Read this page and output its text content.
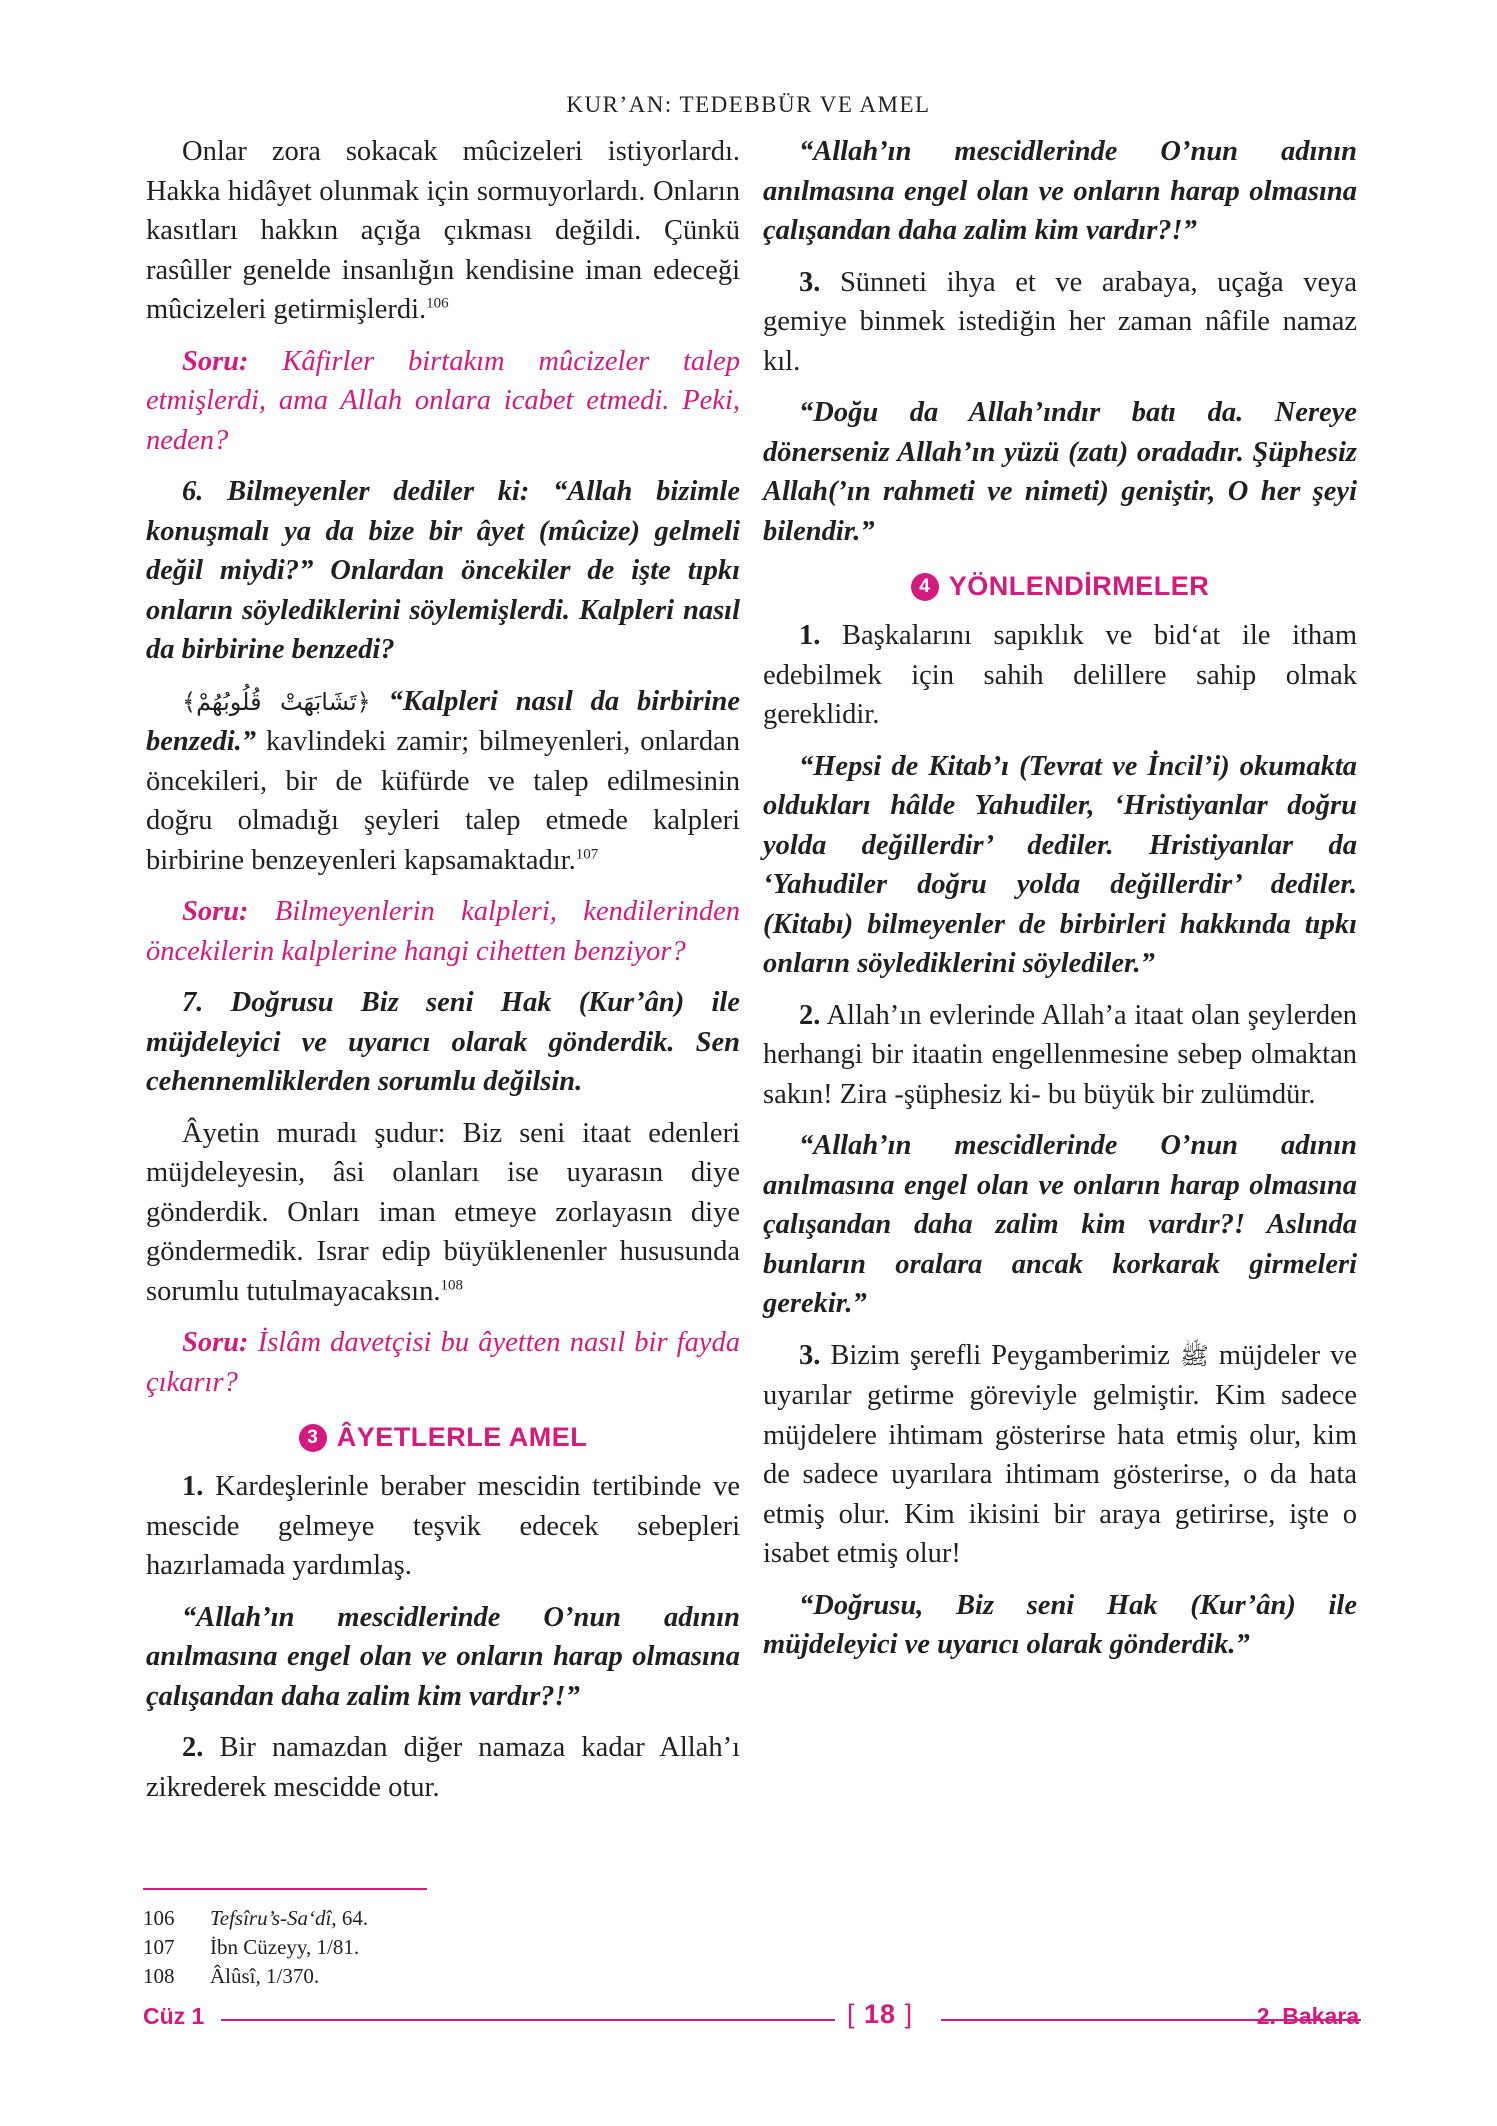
KUR’AN: TEDEBBÜR VE AMEL

Onlar zora sokacak mûcizeleri istiyorlardı. Hakka hidâyet olunmak için sormuyorlardı. Onların kasıtları hakkın açığa çıkması değildi. Çünkü rasûller genelde insanlığın kendisine iman edeceği mûcizeleri getirmişlerdi.$^{106}$

Soru: Kâfirler birtakım mûcizeler talep etmişlerdi, ama Allah onlara icabet etmedi. Peki, neden?

6. Bilmeyenler dediler ki: “Allah bizimle konuşmalı ya da bize bir âyet (mûcize) gelmeli değil miydi?” Onlardan öncekiler de işte tıpkı onların söylediklerini söylemişlerdi. Kalpleri nasıl da birbirine benzedi?

﴿تَشَابَهَتْ قُلُوبُهُمْ﴾ “Kalpleri nasıl da birbirine benzedi.” kavlindeki zamir; bilmeyenleri, onlardan öncekileri, bir de küfürde ve talep edilmesinin doğru olmadığı şeyleri talep etmede kalpleri birbirine benzeyenleri kapsamaktadır.$^{107}$

Soru: Bilmeyenlerin kalpleri, kendilerinden öncekilerin kalplerine hangi cihetten benziyor?

7. Doğrusu Biz seni Hak (Kur’ân) ile müjdeleyici ve uyarıcı olarak gönderdik. Sen cehennemliklerden sorumlu değilsin.

Âyetin muradı şudur: Biz seni itaat edenleri müjdeleyesin, âsi olanları ise uyarasın diye gönderdik. Onları iman etmeye zorlayasın diye göndermedik. Israr edip büyüklenenler hususunda sorumlu tutulmayacaksın.$^{108}$

Soru: İslâm davetçisi bu âyetten nasıl bir fayda çıkarır?

3 ÂYETLERLE AMEL

1. Kardeşlerinle beraber mescidin tertibinde ve mescide gelmeye teşvik edecek sebepleri hazırlamada yardımlaş.

“Allah’ın mescidlerinde O’nun adının anılmasına engel olan ve onların harap olmasına çalışandan daha zalim kim vardır?!”

2. Bir namazdan diğer namaza kadar Allah’ı zikrederek mescidde otur.

“Allah’ın mescidlerinde O’nun adının anılmasına engel olan ve onların harap olmasına çalışandan daha zalim kim vardır?!”

3. Sünneti ihya et ve arabaya, uçağa veya gemiye binmek istediğin her zaman nâfile namaz kıl.

“Doğu da Allah’ındır batı da. Nereye dönerseniz Allah’ın yüzü (zatı) oradadır. Şüphesiz Allah(’ın rahmeti ve nimeti) geniştir, O her şeyi bilendir.”

4 YÖNLENDİRMELER

1. Başkalarını sapıklık ve bid‘at ile itham edebilmek için sahih delillere sahip olmak gereklidir.

“Hepsi de Kitab’ı (Tevrat ve İncil’i) okumakta oldukları hâlde Yahudiler, ‘Hristiyanlar doğru yolda değillerdir’ dediler. Hristiyanlar da ‘Yahudiler doğru yolda değillerdir’ dediler. (Kitabı) bilmeyenler de birbirleri hakkında tıpkı onların söylediklerini söylediler.”

2. Allah’ın evlerinde Allah’a itaat olan şeylerden herhangi bir itaatin engellenmesine sebep olmaktan sakın! Zira -şüphesiz ki- bu büyük bir zulümdür.

“Allah’ın mescidlerinde O’nun adının anılmasına engel olan ve onların harap olmasına çalışandan daha zalim kim vardır?! Aslında bunların oralara ancak korkarak girmeleri gerekir.”

3. Bizim şerefli Peygamberimiz ﷺ müjdeler ve uyarılar getirme göreviyle gelmiştir. Kim sadece müjdelere ihtimam gösterirse hata etmiş olur, kim de sadece uyarılara ihtimam gösterirse, o da hata etmiş olur. Kim ikisini bir araya getirirse, işte o isabet etmiş olur!

“Doğrusu, Biz seni Hak (Kur’ân) ile müjdeleyici ve uyarıcı olarak gönderdik.”

106	Tefsîru’s-Sa‘dî, 64.
107	İbn Cüzeyy, 1/81.
108	Âlûsî, 1/370.
Cüz 1	[ 18 ]	2. Bakara
